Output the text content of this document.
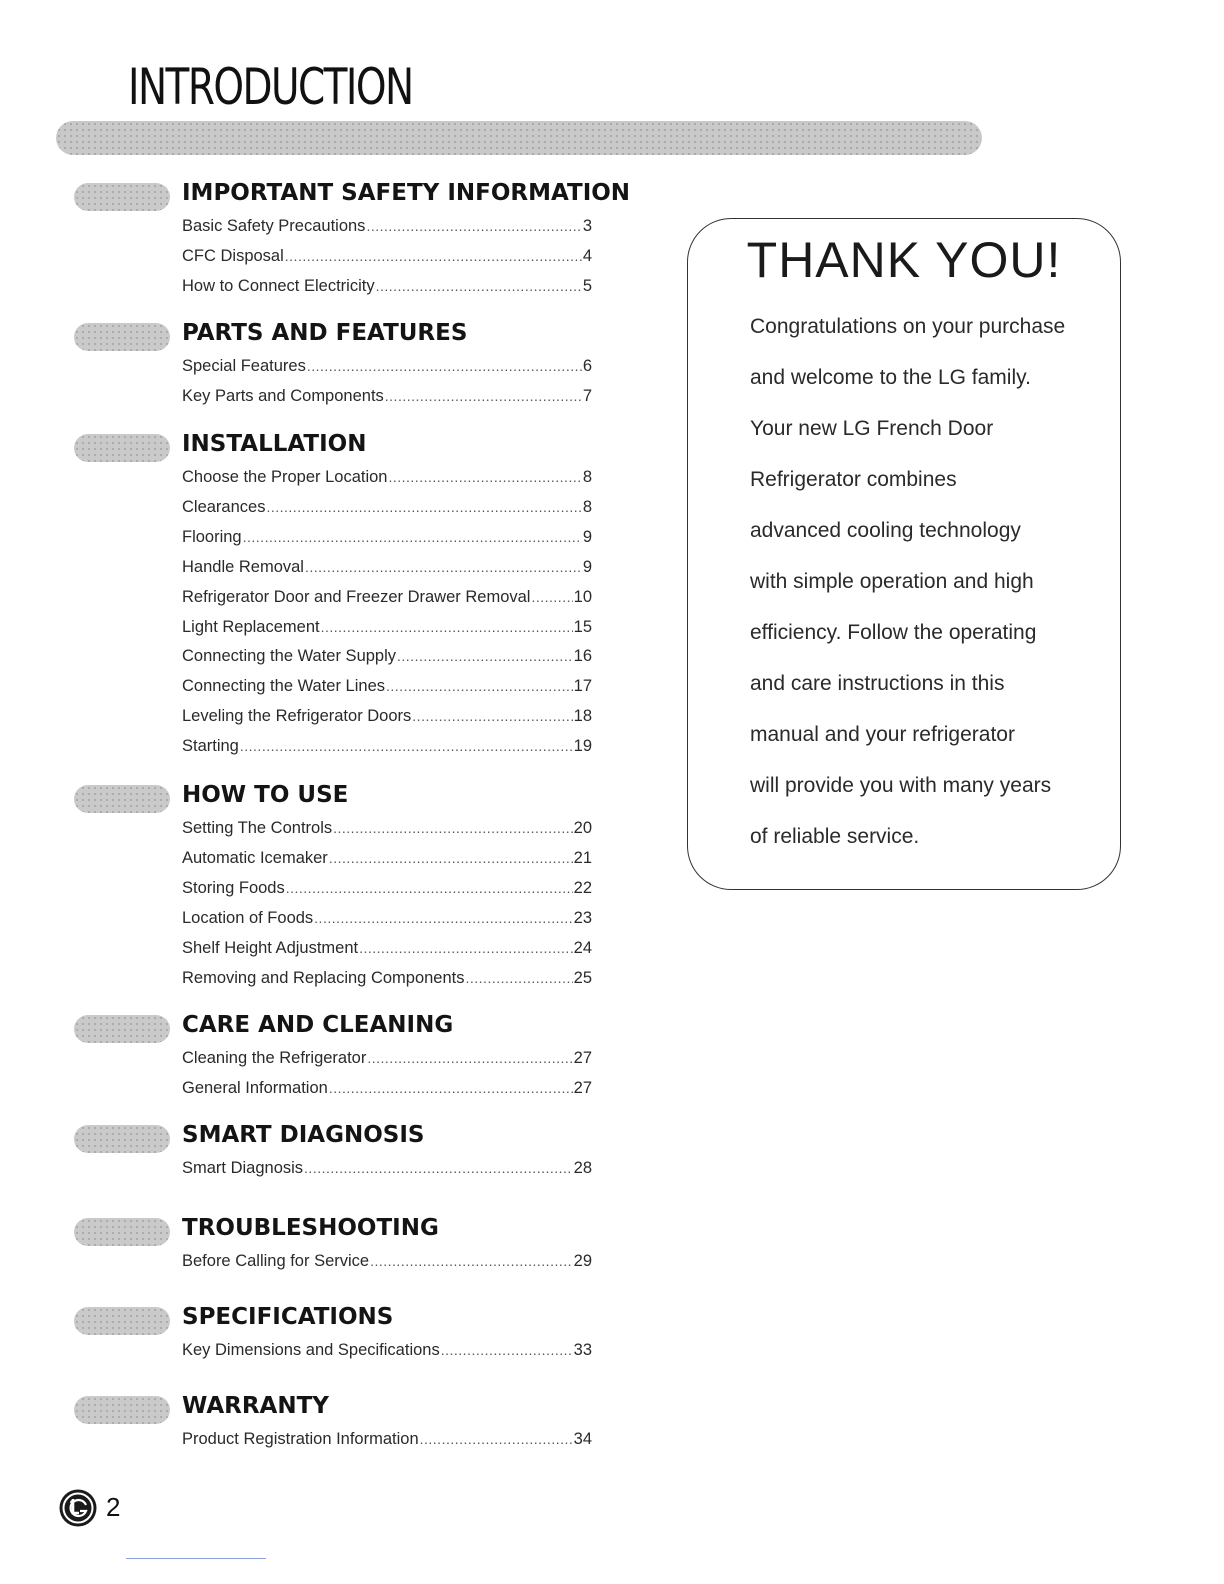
INTRODUCTION
IMPORTANT SAFETY INFORMATION
Basic Safety Precautions .....	3
CFC Disposal .....	4
How to Connect Electricity .....	5
PARTS AND FEATURES
Special Features .....	6
Key Parts and Components .....	7
INSTALLATION
Choose the Proper Location .....	8
Clearances .....	8
Flooring .....	9
Handle Removal .....	9
Refrigerator Door and Freezer Drawer Removal .....	10
Light Replacement .....	15
Connecting the Water Supply .....	16
Connecting the Water Lines .....	17
Leveling the Refrigerator Doors .....	18
Starting .....	19
HOW TO USE
Setting The Controls .....	20
Automatic Icemaker .....	21
Storing Foods .....	22
Location of Foods .....	23
Shelf Height Adjustment .....	24
Removing and Replacing Components .....	25
CARE AND CLEANING
Cleaning the Refrigerator .....	27
General Information .....	27
SMART DIAGNOSIS
Smart Diagnosis .....	28
TROUBLESHOOTING
Before Calling for Service .....	29
SPECIFICATIONS
Key Dimensions and Specifications .....	33
WARRANTY
Product Registration Information .....	34
THANK YOU!
Congratulations on your purchase
and welcome to the LG family.
Your new LG French Door
Refrigerator combines
advanced cooling technology
with simple operation and high
efficiency. Follow the operating
and care instructions in this
manual and your refrigerator
will provide you with many years
of reliable service.
2
